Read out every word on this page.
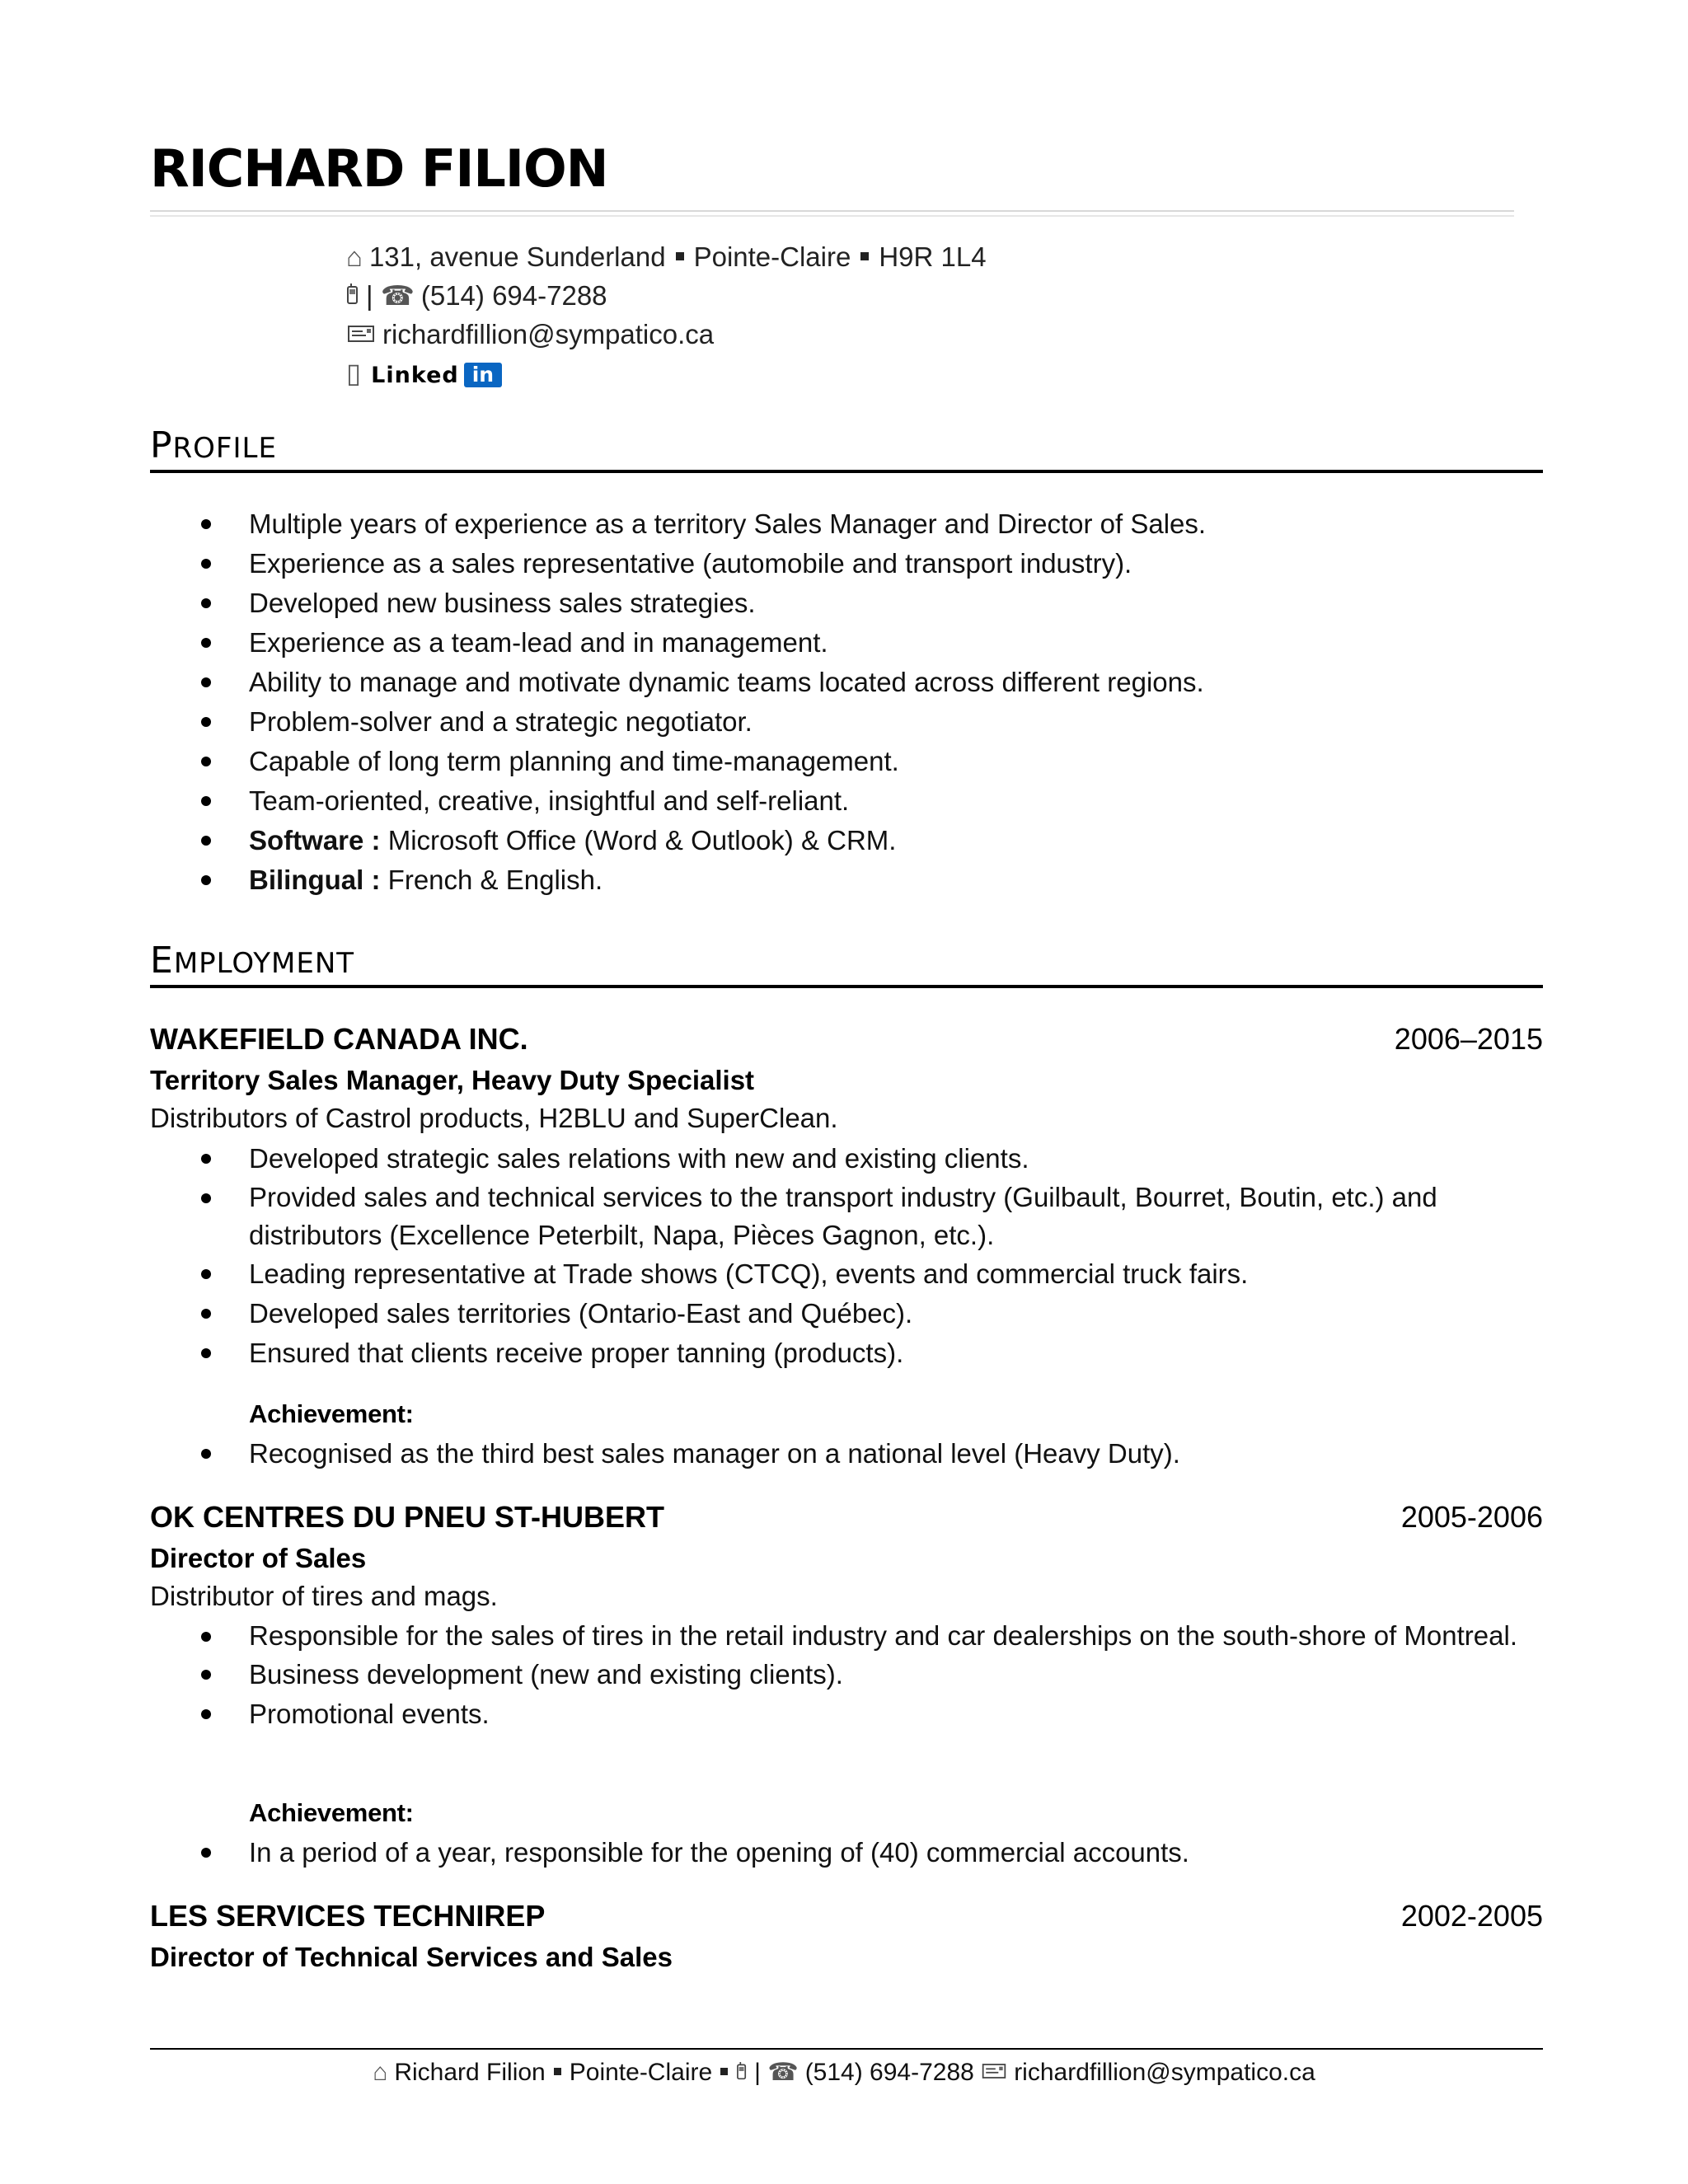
RICHARD FILION
⌂ 131, avenue Sunderland Pointe-Claire H9R 1L4
| ☎ (514) 694-7288
richardfillion@sympatico.ca
▯ Linked in
PROFILE
Multiple years of experience as a territory Sales Manager and Director of Sales.
Experience as a sales representative (automobile and transport industry).
Developed new business sales strategies.
Experience as a team-lead and in management.
Ability to manage and motivate dynamic teams located across different regions.
Problem-solver and a strategic negotiator.
Capable of long term planning and time-management.
Team-oriented, creative, insightful and self-reliant.
Software : Microsoft Office (Word & Outlook) & CRM.
Bilingual : French & English.
EMPLOYMENT
WAKEFIELD CANADA INC.	2006–2015
Territory Sales Manager, Heavy Duty Specialist
Distributors of Castrol products, H2BLU and SuperClean.
Developed strategic sales relations with new and existing clients.
Provided sales and technical services to the transport industry (Guilbault, Bourret, Boutin, etc.) and distributors (Excellence Peterbilt, Napa, Pièces Gagnon, etc.).
Leading representative at Trade shows (CTCQ), events and commercial truck fairs.
Developed sales territories (Ontario-East and Québec).
Ensured that clients receive proper tanning (products).
Achievement:
Recognised as the third best sales manager on a national level (Heavy Duty).
OK CENTRES DU PNEU ST-HUBERT	2005-2006
Director of Sales
Distributor of tires and mags.
Responsible for the sales of tires in the retail industry and car dealerships on the south-shore of Montreal.
Business development (new and existing clients).
Promotional events.
Achievement:
In a period of a year, responsible for the opening of (40) commercial accounts.
LES SERVICES TECHNIREP	2002-2005
Director of Technical Services and Sales
⌂ Richard Filion Pointe-Claire | ☎ (514) 694-7288 richardfillion@sympatico.ca
